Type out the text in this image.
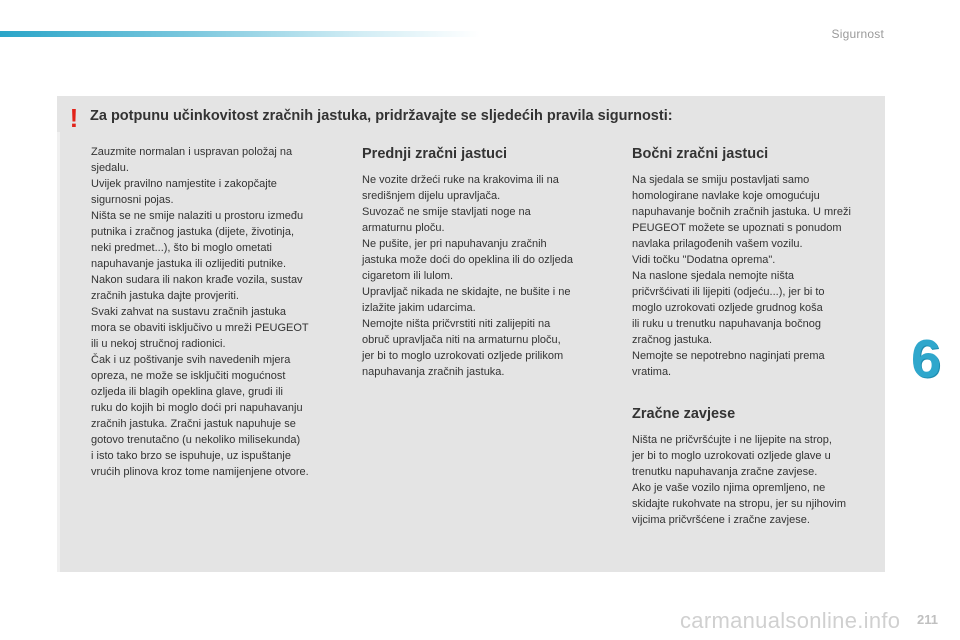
Sigurnost
6
! Za potpunu učinkovitost zračnih jastuka, pridržavajte se sljedećih pravila sigurnosti:

Zauzmite normalan i uspravan položaj na
sjedalu.
Uvijek pravilno namjestite i zakopčajte
sigurnosni pojas.
Ništa se ne smije nalaziti u prostoru između
putnika i zračnog jastuka (dijete, životinja,
neki predmet...), što bi moglo ometati
napuhavanje jastuka ili ozlijediti putnike.
Nakon sudara ili nakon krađe vozila, sustav
zračnih jastuka dajte provjeriti.
Svaki zahvat na sustavu zračnih jastuka
mora se obaviti isključivo u mreži PEUGEOT
ili u nekoj stručnoj radionici.
Čak i uz poštivanje svih navedenih mjera
opreza, ne može se isključiti mogućnost
ozljeda ili blagih opeklina glave, grudi ili
ruku do kojih bi moglo doći pri napuhavanju
zračnih jastuka. Zračni jastuk napuhuje se
gotovo trenutačno (u nekoliko milisekunda)
i isto tako brzo se ispuhuje, uz ispuštanje
vrućih plinova kroz tome namijenjene otvore.

Prednji zračni jastuci

Ne vozite držeći ruke na krakovima ili na
središnjem dijelu upravljača.
Suvozač ne smije stavljati noge na
armaturnu ploču.
Ne pušite, jer pri napuhavanju zračnih
jastuka može doći do opeklina ili do ozljeda
cigaretom ili lulom.
Upravljač nikada ne skidajte, ne bušite i ne
izlažite jakim udarcima.
Nemojte ništa pričvrstiti niti zalijepiti na
obruč upravljača niti na armaturnu ploču,
jer bi to moglo uzrokovati ozljede prilikom
napuhavanja zračnih jastuka.

Bočni zračni jastuci

Na sjedala se smiju postavljati samo
homologirane navlake koje omogućuju
napuhavanje bočnih zračnih jastuka. U mreži
PEUGEOT možete se upoznati s ponudom
navlaka prilagođenih vašem vozilu.
Vidi točku "Dodatna oprema".
Na naslone sjedala nemojte ništa
pričvršćivati ili lijepiti (odjeću...), jer bi to
moglo uzrokovati ozljede grudnog koša
ili ruku u trenutku napuhavanja bočnog
zračnog jastuka.
Nemojte se nepotrebno naginjati prema
vratima.

Zračne zavjese

Ništa ne pričvršćujte i ne lijepite na strop,
jer bi to moglo uzrokovati ozljede glave u
trenutku napuhavanja zračne zavjese.
Ako je vaše vozilo njima opremljeno, ne
skidajte rukohvate na stropu, jer su njihovim
vijcima pričvršćene i zračne zavjese.

carmanualsonline.info 211
